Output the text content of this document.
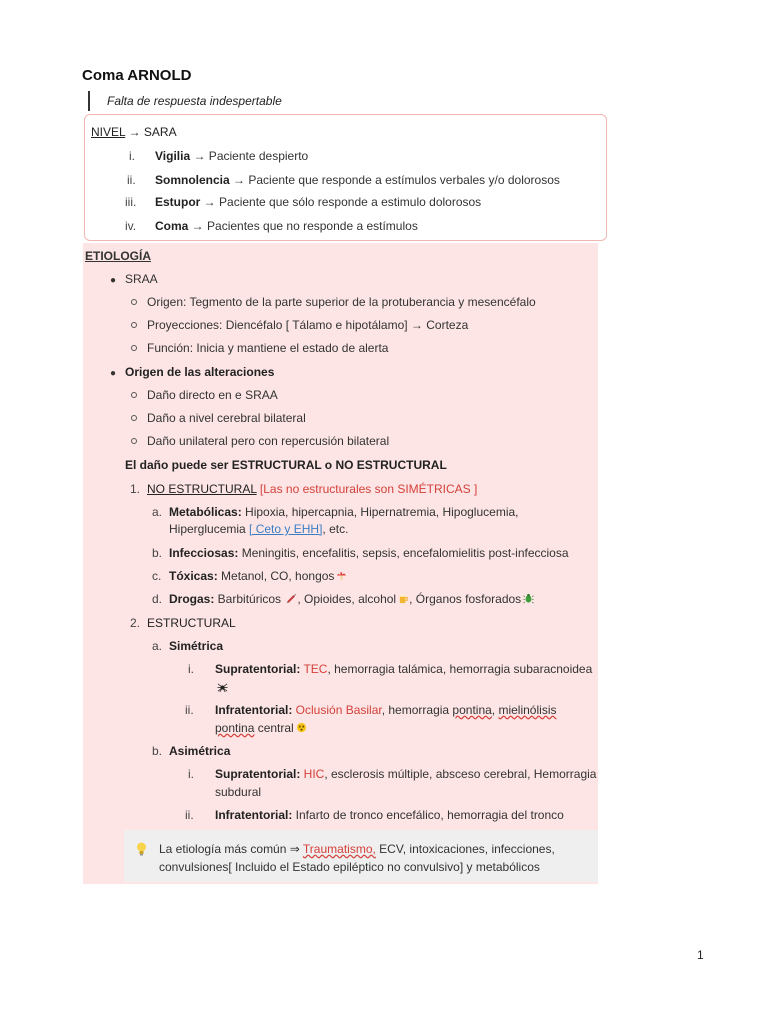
Coma ARNOLD
Falta de respuesta indespertable
NIVEL → SARA
i.	Vigilia → Paciente despierto
ii.	Somnolencia → Paciente que responde a estímulos verbales y/o dolorosos
iii.	Estupor → Paciente que sólo responde a estimulo dolorosos
iv.	Coma → Pacientes que no responde a estímulos
ETIOLOGÍA
● SRAA
Origen: Tegmento de la parte superior de la protuberancia y mesencéfalo
Proyecciones: Diencéfalo [ Tálamo e hipotálamo] → Corteza
Función: Inicia y mantiene el estado de alerta
● Origen de las alteraciones
Daño directo en e SRAA
Daño a nivel cerebral bilateral
Daño unilateral pero con repercusión bilateral
El daño puede ser ESTRUCTURAL o NO ESTRUCTURAL
1. NO ESTRUCTURAL [Las no estructurales son SIMÉTRICAS ]
a. Metabólicas: Hipoxia, hipercapnia, Hipernatremia, Hipoglucemia,
Hiperglucemia [ Ceto y EHH], etc.
b. Infecciosas: Meningitis, encefalitis, sepsis, encefalomielitis post-infecciosa
c. Tóxicas: Metanol, CO, hongos
d. Drogas: Barbitúricos , Opioides, alcohol , Órganos fosforados
2. ESTRUCTURAL
a. Simétrica
i. Supratentorial: TEC, hemorragia talámica, hemorragia subaracnoidea
ii. Infratentorial: Oclusión Basilar, hemorragia pontina, mielinólisis
pontina central
b. Asimétrica
i. Supratentorial: HIC, esclerosis múltiple, absceso cerebral, Hemorragia
subdural
ii. Infratentorial: Infarto de tronco encefálico, hemorragia del tronco
La etiología más común ⇒ Traumatismo, ECV, intoxicaciones, infecciones,
convulsiones[ Incluido el Estado epiléptico no convulsivo] y metabólicos
1
